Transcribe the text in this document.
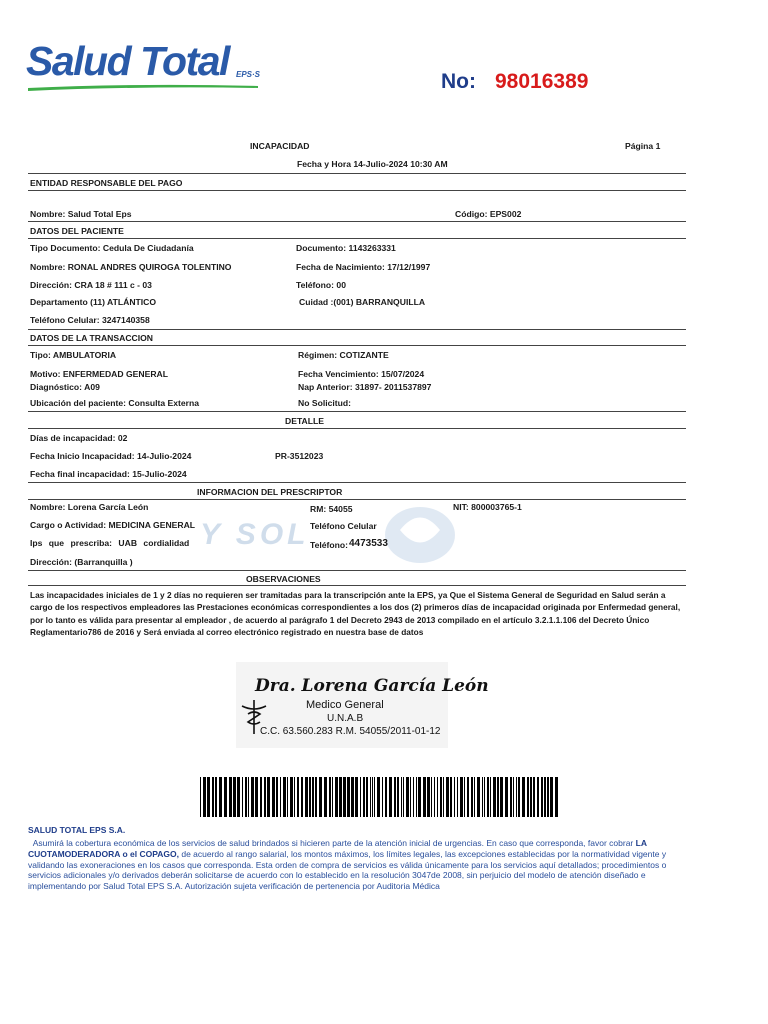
Salud Total EPS·S	No: 98016389
INCAPACIDAD	Página 1
Fecha y Hora 14-Julio-2024 10:30 AM
ENTIDAD RESPONSABLE DEL PAGO
Nombre: Salud Total Eps	Código: EPS002
DATOS DEL PACIENTE
Tipo Documento: Cedula De Ciudadanía	Documento: 1143263331
Nombre: RONAL ANDRES QUIROGA TOLENTINO	Fecha de Nacimiento: 17/12/1997
Dirección: CRA 18 # 111 c - 03	Teléfono: 00
Departamento (11) ATLÁNTICO	Cuidad :(001) BARRANQUILLA
Teléfono Celular: 3247140358
DATOS DE LA TRANSACCION
Tipo: AMBULATORIA	Régimen: COTIZANTE
Motivo: ENFERMEDAD GENERAL	Fecha Vencimiento: 15/07/2024
Diagnóstico: A09	Nap Anterior: 31897- 2011537897
Ubicación del paciente: Consulta Externa	No Solicitud:
DETALLE
Días de incapacidad: 02
Fecha Inicio Incapacidad: 14-Julio-2024	PR-3512023
Fecha final incapacidad: 15-Julio-2024
INFORMACION DEL PRESCRIPTOR
Y SOL
Nombre: Lorena García León	RM: 54055	NIT: 800003765-1
Cargo o Actividad: MEDICINA GENERAL	Teléfono Celular
Ips que prescriba: UAB cordialidad	Teléfono: 4473533
Dirección: (Barranquilla )
OBSERVACIONES
Las incapacidades iniciales de 1 y 2 días no requieren ser tramitadas para la transcripción ante la EPS, ya Que el Sistema General de Seguridad en Salud serán a cargo de los respectivos empleadores las Prestaciones económicas correspondientes a los dos (2) primeros días de incapacidad originada por Enfermedad general, por lo tanto es válida para presentar al empleador , de acuerdo al parágrafo 1 del Decreto 2943 de 2013 compilado en el artículo 3.2.1.1.106 del Decreto Único Reglamentario786 de 2016 y Será enviada al correo electrónico registrado en nuestra base de datos
Dra. Lorena García León
Medico General
U.N.A.B
C.C. 63.560.283 R.M. 54055/2011-01-12
SALUD TOTAL EPS S.A.
Asumirá la cobertura económica de los servicios de salud brindados si hicieren parte de la atención inicial de urgencias. En caso que corresponda, favor cobrar LA CUOTAMODERADORA o el COPAGO, de acuerdo al rango salarial, los montos máximos, los límites legales, las excepciones establecidas por la normatividad vigente y validando las exoneraciones en los casos que corresponda. Esta orden de compra de servicios es válida únicamente para los servicios aquí detallados; procedimientos o servicios adicionales y/o derivados deberán solicitarse de acuerdo con lo establecido en la resolución 3047de 2008, sin perjuicio del modelo de atención diseñado e implementando por Salud Total EPS S.A. Autorización sujeta verificación de pertenencia por Auditoria Médica
